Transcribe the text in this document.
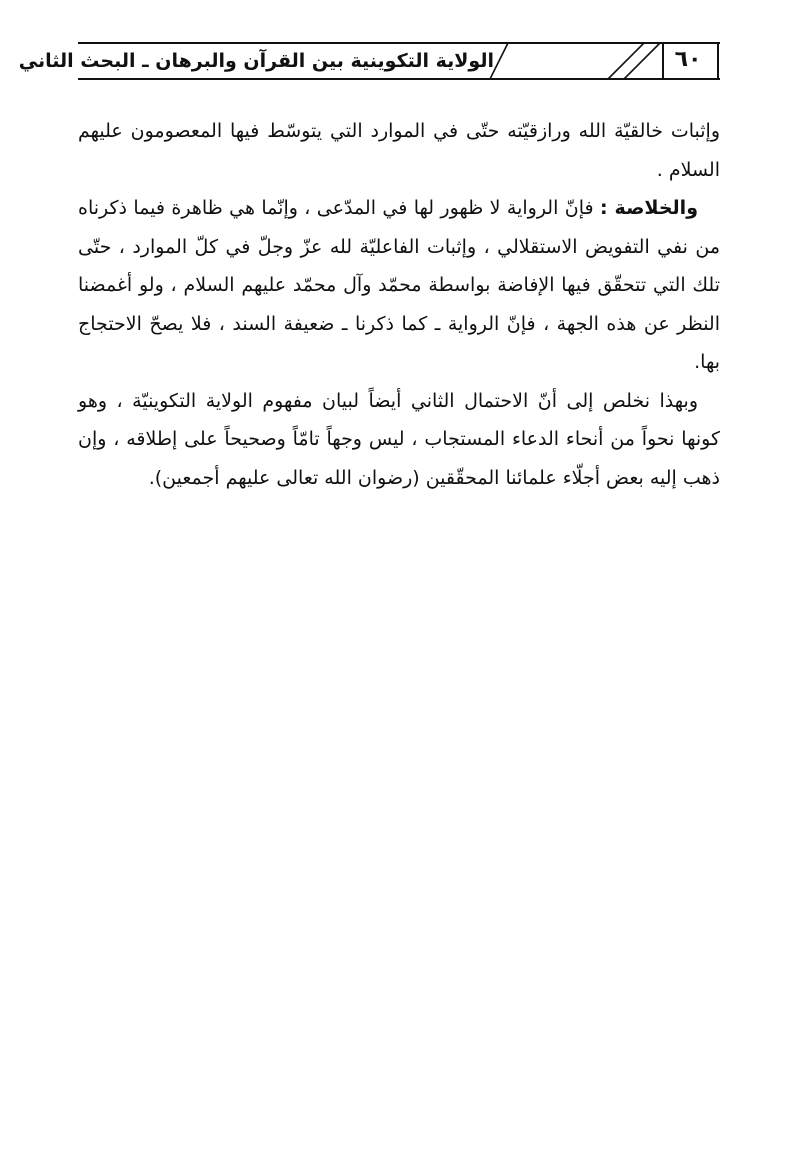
٦٠
الولاية التكوينية بين القرآن والبرهان ـ البحث الثاني

وإثبات خالقيّة الله ورازقيّته حتّى في الموارد التي يتوسّط فيها المعصومون عليهم السلام .

والخلاصة : فإنّ الرواية لا ظهور لها في المدّعى ، وإنّما هي ظاهرة فيما ذكرناه من نفي التفويض الاستقلالي ، وإثبات الفاعليّة لله عزّ وجلّ في كلّ الموارد ، حتّى تلك التي تتحقّق فيها الإفاضة بواسطة محمّد وآل محمّد عليهم السلام ، ولو أغمضنا النظر عن هذه الجهة ، فإنّ الرواية ـ كما ذكرنا ـ ضعيفة السند ، فلا يصحّ الاحتجاج بها.

وبهذا نخلص إلى أنّ الاحتمال الثاني أيضاً لبيان مفهوم الولاية التكوينيّة ، وهو كونها نحواً من أنحاء الدعاء المستجاب ، ليس وجهاً تامّاً وصحيحاً على إطلاقه ، وإن ذهب إليه بعض أجلّاء علمائنا المحقّقين (رضوان الله تعالى عليهم أجمعين).
